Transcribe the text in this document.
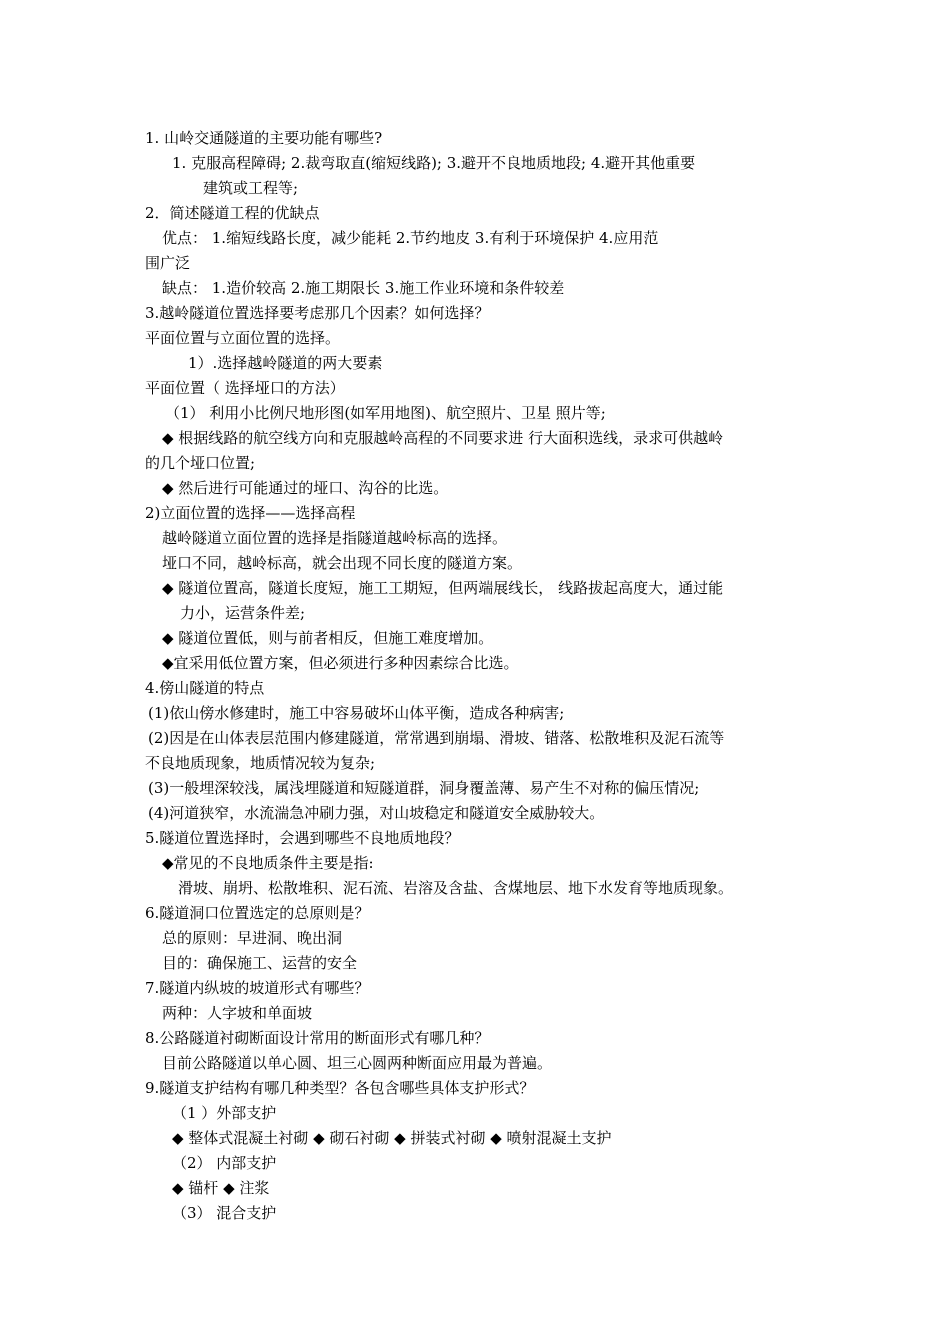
1. 山岭交通隧道的主要功能有哪些?
1. 克服高程障碍; 2.裁弯取直(缩短线路); 3.避开不良地质地段; 4.避开其他重要
建筑或工程等;
2．简述隧道工程的优缺点
优点： 1.缩短线路长度，减少能耗 2.节约地皮 3.有利于环境保护 4.应用范
围广泛
缺点： 1.造价较高 2.施工期限长 3.施工作业环境和条件较差
3.越岭隧道位置选择要考虑那几个因素？如何选择？
平面位置与立面位置的选择。
1）.选择越岭隧道的两大要素
平面位置（ 选择垭口的方法）
（1） 利用小比例尺地形图(如军用地图)、航空照片、卫星 照片等;
◆ 根据线路的航空线方向和克服越岭高程的不同要求进 行大面积选线，录求可供越岭
的几个垭口位置;
◆ 然后进行可能通过的垭口、沟谷的比选。
2)立面位置的选择——选择高程
越岭隧道立面位置的选择是指隧道越岭标高的选择。
垭口不同，越岭标高，就会出现不同长度的隧道方案。
◆ 隧道位置高，隧道长度短，施工工期短，但两端展线长， 线路拔起高度大，通过能
力小，运营条件差;
◆ 隧道位置低，则与前者相反，但施工难度增加。
◆宜采用低位置方案，但必须进行多种因素综合比选。
4.傍山隧道的特点
(1)依山傍水修建时，施工中容易破坏山体平衡，造成各种病害;
(2)因是在山体表层范围内修建隧道，常常遇到崩塌、滑坡、错落、松散堆积及泥石流等
不良地质现象，地质情况较为复杂;
(3)一般埋深较浅，属浅埋隧道和短隧道群，洞身覆盖薄、易产生不对称的偏压情况;
(4)河道狭窄，水流湍急冲刷力强，对山坡稳定和隧道安全威胁较大。
5.隧道位置选择时，会遇到哪些不良地质地段？
◆常见的不良地质条件主要是指:
滑坡、崩坍、松散堆积、泥石流、岩溶及含盐、含煤地层、地下水发育等地质现象。
6.隧道洞口位置选定的总原则是？
总的原则：早进洞、晚出洞
目的：确保施工、运营的安全
7.隧道内纵坡的坡道形式有哪些？
两种：人字坡和单面坡
8.公路隧道衬砌断面设计常用的断面形式有哪几种？
目前公路隧道以单心圆、坦三心圆两种断面应用最为普遍。
9.隧道支护结构有哪几种类型？各包含哪些具体支护形式？
（1 ）外部支护
◆ 整体式混凝土衬砌 ◆ 砌石衬砌 ◆ 拼装式衬砌 ◆ 喷射混凝土支护
（2） 内部支护
◆ 锚杆 ◆ 注浆
（3） 混合支护
